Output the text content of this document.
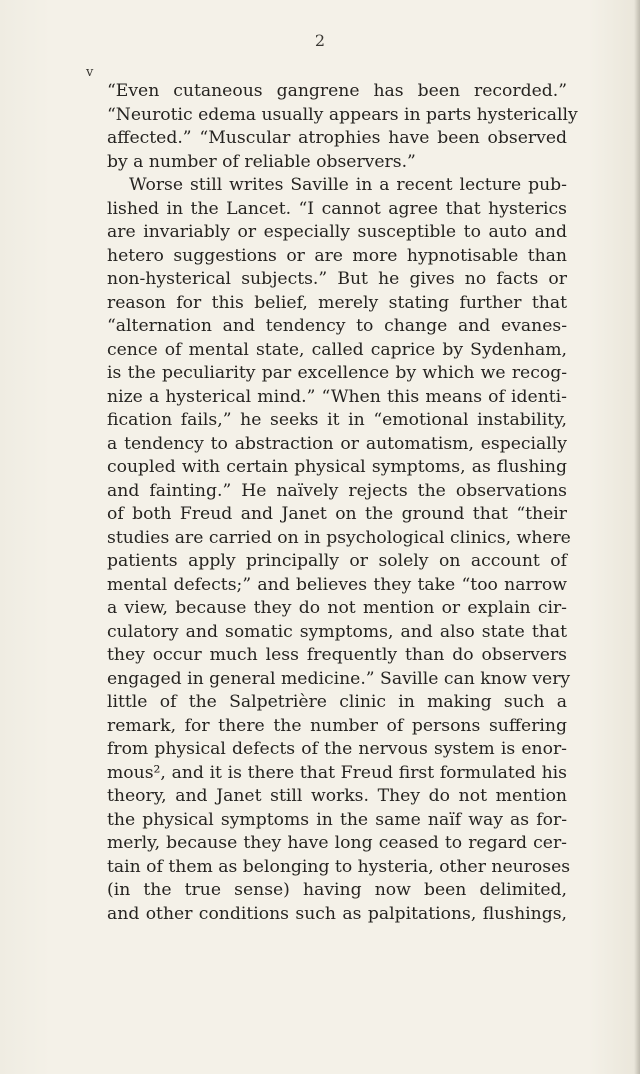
2
v
“Even cutaneous gangrene has been recorded.”
“Neurotic edema usually appears in parts hysterically
affected.” “Muscular atrophies have been observed
by a number of reliable observers.”
Worse still writes Saville in a recent lecture pub-
lished in the Lancet. “I cannot agree that hysterics
are invariably or especially susceptible to auto and
hetero suggestions or are more hypnotisable than
non-hysterical subjects.” But he gives no facts or
reason for this belief, merely stating further that
“alternation and tendency to change and evanes-
cence of mental state, called caprice by Sydenham,
is the peculiarity par excellence by which we recog-
nize a hysterical mind.” “When this means of identi-
fication fails,” he seeks it in “emotional instability,
a tendency to abstraction or automatism, especially
coupled with certain physical symptoms, as flushing
and fainting.” He naïvely rejects the observations
of both Freud and Janet on the ground that “their
studies are carried on in psychological clinics, where
patients apply principally or solely on account of
mental defects;” and believes they take “too narrow
a view, because they do not mention or explain cir-
culatory and somatic symptoms, and also state that
they occur much less frequently than do observers
engaged in general medicine.” Saville can know very
little of the Salpetrière clinic in making such a
remark, for there the number of persons suffering
from physical defects of the nervous system is enor-
mous², and it is there that Freud first formulated his
theory, and Janet still works. They do not mention
the physical symptoms in the same naïf way as for-
merly, because they have long ceased to regard cer-
tain of them as belonging to hysteria, other neuroses
(in the true sense) having now been delimited,
and other conditions such as palpitations, flushings,
